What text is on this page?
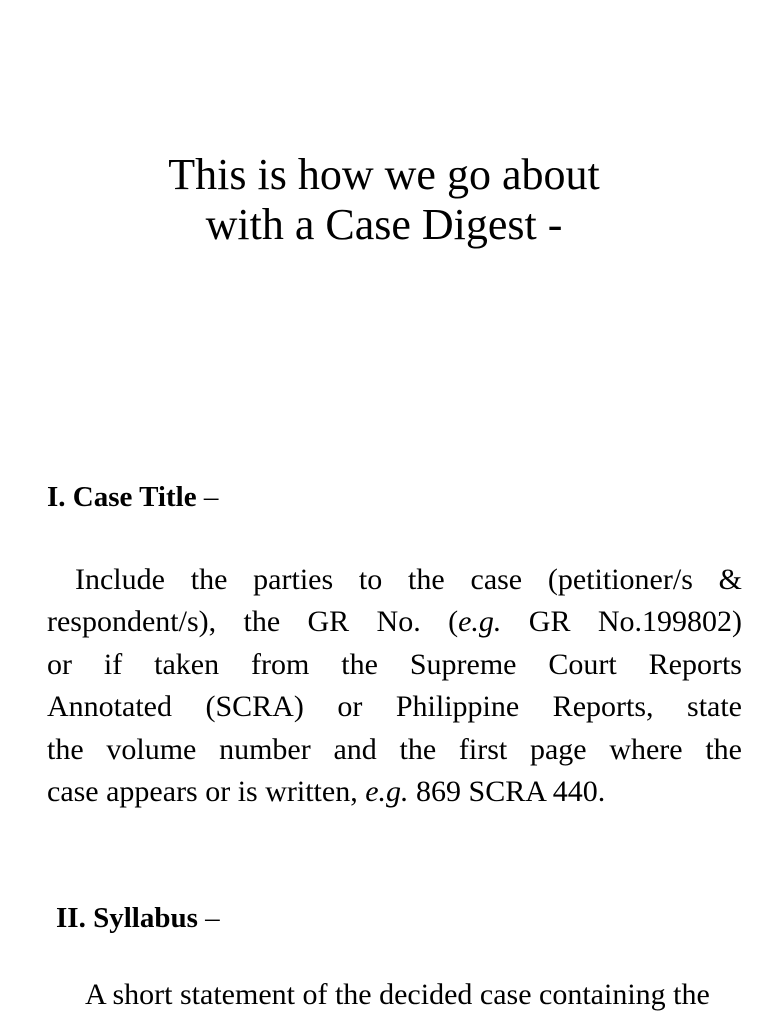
This is how we go about
with a Case Digest -
I. Case Title –
Include the parties to the case (petitioner/s &
respondent/s), the GR No. (e.g. GR No.199802)
or if taken from the Supreme Court Reports
Annotated (SCRA) or Philippine Reports, state
the volume number and the first page where the
case appears or is written, e.g. 869 SCRA 440.
II. Syllabus –
A short statement of the decided case containing the
